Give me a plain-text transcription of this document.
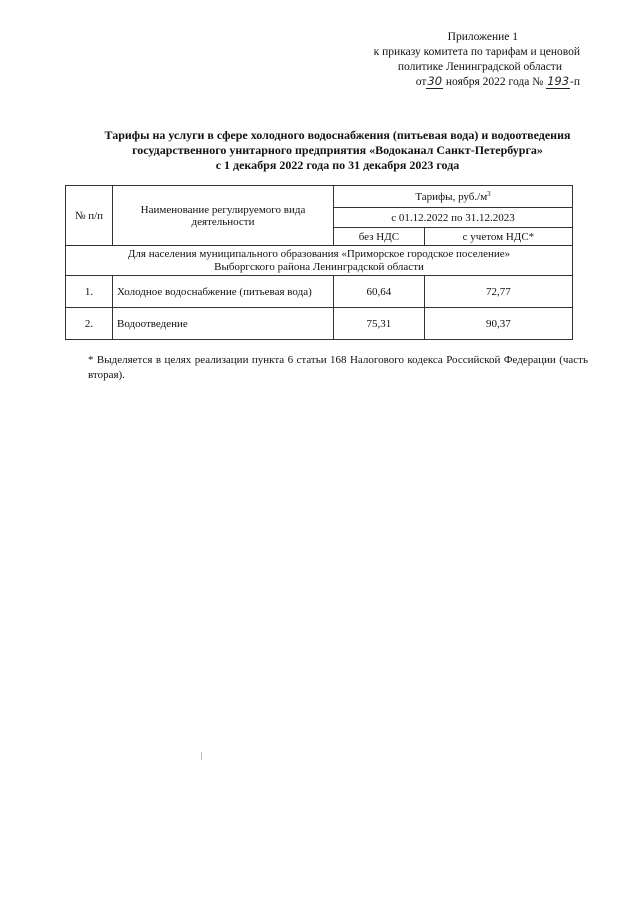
Приложение 1
к приказу комитета по тарифам и ценовой
политике Ленинградской области
от30 ноября 2022 года № 193-п
Тарифы на услуги в сфере холодного водоснабжения (питьевая вода) и водоотведения
государственного унитарного предприятия «Водоканал Санкт-Петербурга»
с 1 декабря 2022 года по 31 декабря 2023 года
№ п/п	Наименование регулируемого вида деятельности	Тарифы, $руб./м^3$
		с 01.12.2022 по 31.12.2023	
		без НДС	с учетом НДС*

Для населения муниципального образования «Приморское городское поселение»
Выборгского района Ленинградской области			

1.	Холодное водоснабжение (питьевая вода)	60,64	72,77
2.	Водоотведение	75,31	90,37
* Выделяется в целях реализации пункта 6 статьи 168 Налогового кодекса Российской Федерации (часть вторая).
